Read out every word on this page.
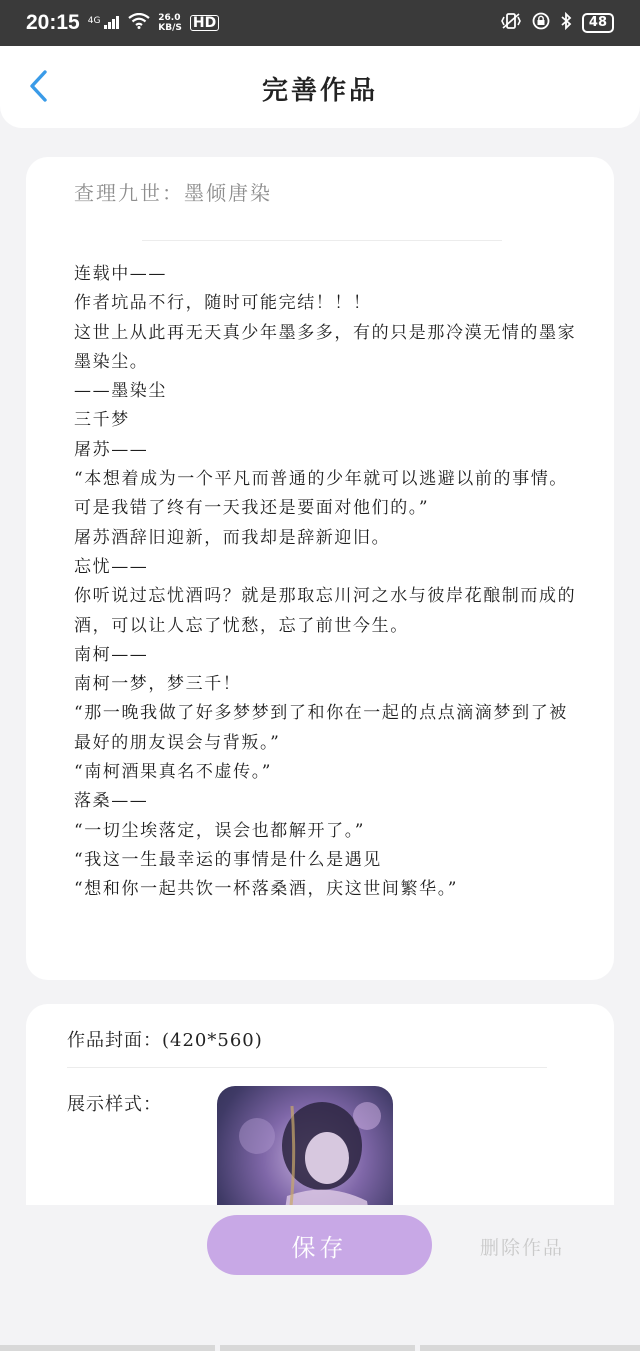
20:15 $^{4G}$	26.0
KB/S HD	48
完善作品
查理九世：墨倾唐染

连载中——

作者坑品不行，随时可能完结！！！

这世上从此再无天真少年墨多多，有的只是那冷漠无情的墨家墨染尘。

——墨染尘

三千梦

屠苏——

“本想着成为一个平凡而普通的少年就可以逃避以前的事情。可是我错了终有一天我还是要面对他们的。”

屠苏酒辞旧迎新，而我却是辞新迎旧。

忘忧——

你听说过忘忧酒吗？就是那取忘川河之水与彼岸花酿制而成的酒，可以让人忘了忧愁，忘了前世今生。

南柯——

南柯一梦，梦三千！

“那一晚我做了好多梦梦到了和你在一起的点点滴滴梦到了被最好的朋友误会与背叛。”

“南柯酒果真名不虚传。”

落桑——

“一切尘埃落定，误会也都解开了。”

“我这一生最幸运的事情是什么是遇见

“想和你一起共饮一杯落桑酒，庆这世间繁华。”

作品封面：(420*560)
展示样式：
保存	删除作品
